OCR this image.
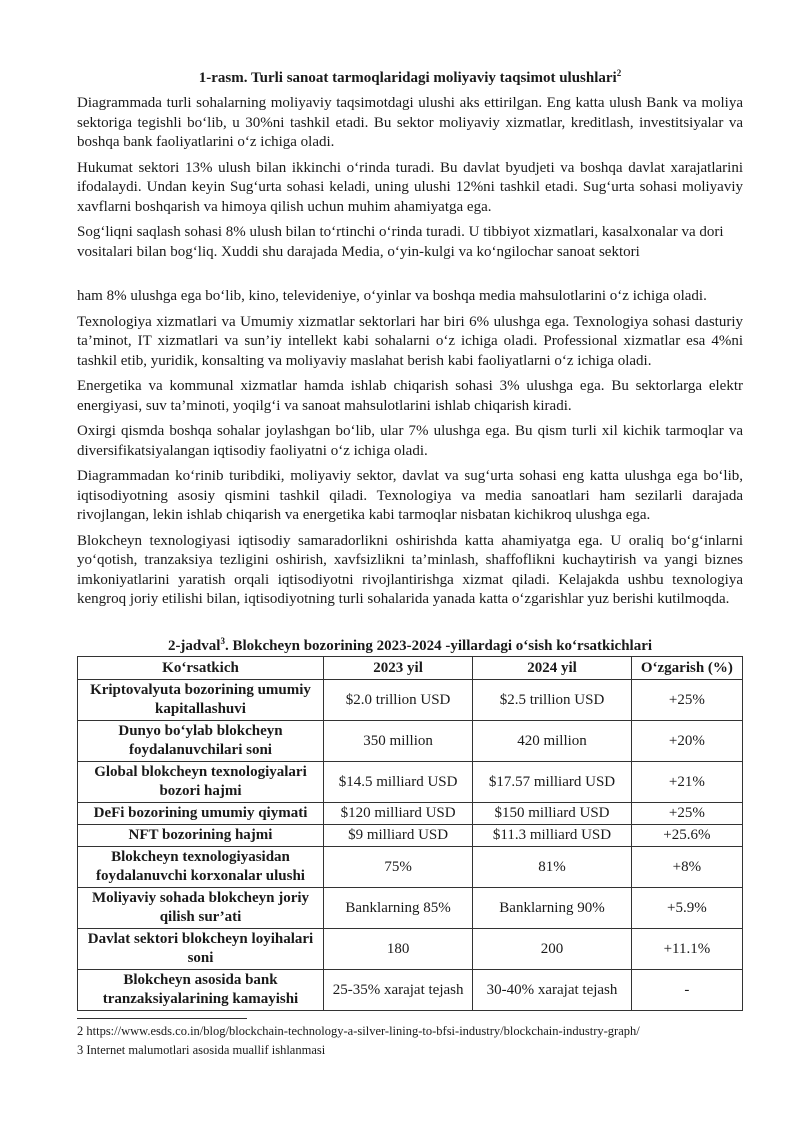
1-rasm. Turli sanoat tarmoqlaridagi moliyaviy taqsimot ulushlari$^2$

Diagrammada turli sohalarning moliyaviy taqsimotdagi ulushi aks ettirilgan. Eng katta ulush Bank va moliya sektoriga tegishli bo‘lib, u 30%ni tashkil etadi. Bu sektor moliyaviy xizmatlar, kreditlash, investitsiyalar va boshqa bank faoliyatlarini o‘z ichiga oladi.

Hukumat sektori 13% ulush bilan ikkinchi o‘rinda turadi. Bu davlat byudjeti va boshqa davlat xarajatlarini ifodalaydi. Undan keyin Sug‘urta sohasi keladi, uning ulushi 12%ni tashkil etadi. Sug‘urta sohasi moliyaviy xavflarni boshqarish va himoya qilish uchun muhim ahamiyatga ega.

Sog‘liqni saqlash sohasi 8% ulush bilan to‘rtinchi o‘rinda turadi. U tibbiyot xizmatlari, kasalxonalar va dori vositalari bilan bog‘liq. Xuddi shu darajada Media, o‘yin-kulgi va ko‘ngilochar sanoat sektori

ham 8% ulushga ega bo‘lib, kino, televideniye, o‘yinlar va boshqa media mahsulotlarini o‘z ichiga oladi.

Texnologiya xizmatlari va Umumiy xizmatlar sektorlari har biri 6% ulushga ega. Texnologiya sohasi dasturiy ta’minot, IT xizmatlari va sun’iy intellekt kabi sohalarni o‘z ichiga oladi. Professional xizmatlar esa 4%ni tashkil etib, yuridik, konsalting va moliyaviy maslahat berish kabi faoliyatlarni o‘z ichiga oladi.

Energetika va kommunal xizmatlar hamda ishlab chiqarish sohasi 3% ulushga ega. Bu sektorlarga elektr energiyasi, suv ta’minoti, yoqilg‘i va sanoat mahsulotlarini ishlab chiqarish kiradi.

Oxirgi qismda boshqa sohalar joylashgan bo‘lib, ular 7% ulushga ega. Bu qism turli xil kichik tarmoqlar va diversifikatsiyalangan iqtisodiy faoliyatni o‘z ichiga oladi.

Diagrammadan ko‘rinib turibdiki, moliyaviy sektor, davlat va sug‘urta sohasi eng katta ulushga ega bo‘lib, iqtisodiyotning asosiy qismini tashkil qiladi. Texnologiya va media sanoatlari ham sezilarli darajada rivojlangan, lekin ishlab chiqarish va energetika kabi tarmoqlar nisbatan kichikroq ulushga ega.

Blokcheyn texnologiyasi iqtisodiy samaradorlikni oshirishda katta ahamiyatga ega. U oraliq bo‘g‘inlarni yo‘qotish, tranzaksiya tezligini oshirish, xavfsizlikni ta’minlash, shaffoflikni kuchaytirish va yangi biznes imkoniyatlarini yaratish orqali iqtisodiyotni rivojlantirishga xizmat qiladi. Kelajakda ushbu texnologiya kengroq joriy etilishi bilan, iqtisodiyotning turli sohalarida yanada katta o‘zgarishlar yuz berishi kutilmoqda.

2-jadval$^3$. Blokcheyn bozorining 2023-2024 -yillardagi o‘sish ko‘rsatkichlari

Ko‘rsatkich	2023 yil	2024 yil	O‘zgarish (%)
Kriptovalyuta bozorining umumiy kapitallashuvi	$2.0 trillion USD	$2.5 trillion USD	+25%
Dunyo bo‘ylab blokcheyn foydalanuvchilari soni	350 million	420 million	+20%
Global blokcheyn texnologiyalari bozori hajmi	$14.5 milliard USD	$17.57 milliard USD	+21%
DeFi bozorining umumiy qiymati	$120 milliard USD	$150 milliard USD	+25%
NFT bozorining hajmi	$9 milliard USD	$11.3 milliard USD	+25.6%
Blokcheyn texnologiyasidan foydalanuvchi korxonalar ulushi	75%	81%	+8%
Moliyaviy sohada blokcheyn joriy qilish sur’ati	Banklarning 85%	Banklarning 90%	+5.9%
Davlat sektori blokcheyn loyihalari soni	180	200	+11.1%
Blokcheyn asosida bank tranzaksiyalarining kamayishi	25-35% xarajat tejash	30-40% xarajat tejash	-

2 https://www.esds.co.in/blog/blockchain-technology-a-silver-lining-to-bfsi-industry/blockchain-industry-graph/

3 Internet malumotlari asosida muallif ishlanmasi
